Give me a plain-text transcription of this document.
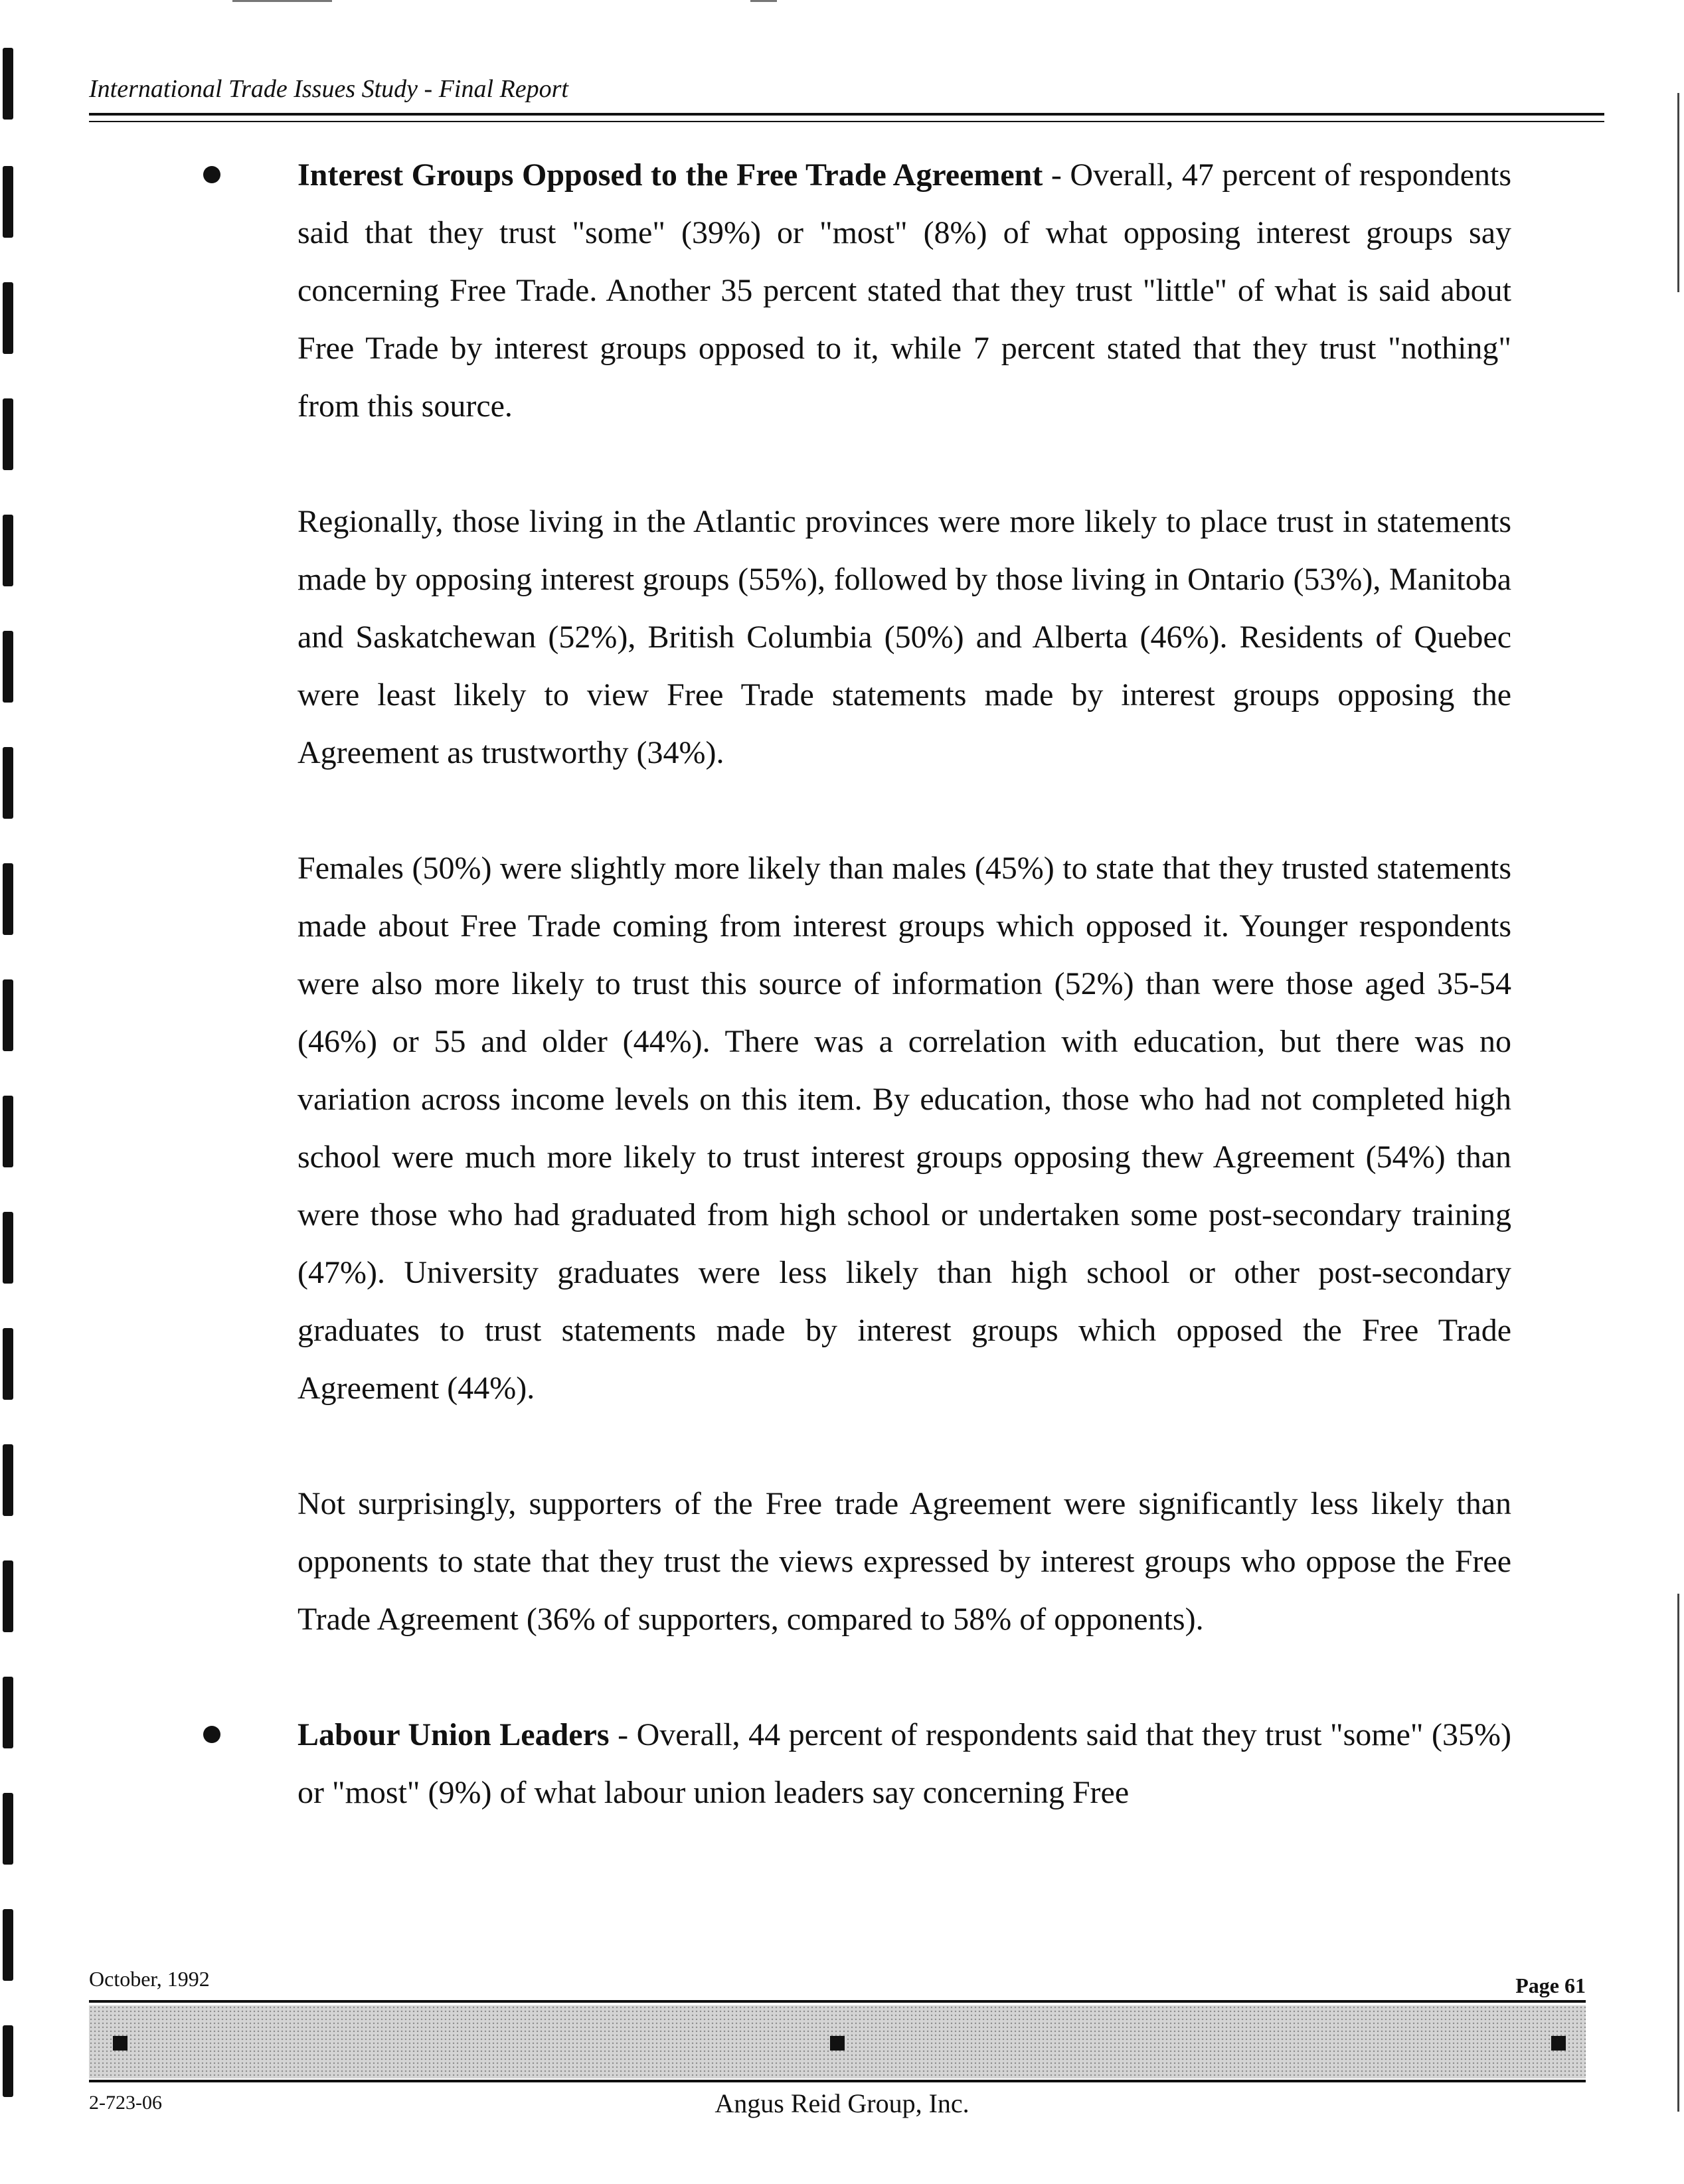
International Trade Issues Study - Final Report

Interest Groups Opposed to the Free Trade Agreement - Overall, 47 percent of respondents said that they trust "some" (39%) or "most" (8%) of what opposing interest groups say concerning Free Trade. Another 35 percent stated that they trust "little" of what is said about Free Trade by interest groups opposed to it, while 7 percent stated that they trust "nothing" from this source.

Regionally, those living in the Atlantic provinces were more likely to place trust in statements made by opposing interest groups (55%), followed by those living in Ontario (53%), Manitoba and Saskatchewan (52%), British Columbia (50%) and Alberta (46%). Residents of Quebec were least likely to view Free Trade statements made by interest groups opposing the Agreement as trustworthy (34%).

Females (50%) were slightly more likely than males (45%) to state that they trusted statements made about Free Trade coming from interest groups which opposed it. Younger respondents were also more likely to trust this source of information (52%) than were those aged 35-54 (46%) or 55 and older (44%). There was a correlation with education, but there was no variation across income levels on this item. By education, those who had not completed high school were much more likely to trust interest groups opposing thew Agreement (54%) than were those who had graduated from high school or undertaken some post-secondary training (47%). University graduates were less likely than high school or other post-secondary graduates to trust statements made by interest groups which opposed the Free Trade Agreement (44%).

Not surprisingly, supporters of the Free trade Agreement were significantly less likely than opponents to state that they trust the views expressed by interest groups who oppose the Free Trade Agreement (36% of supporters, compared to 58% of opponents).

Labour Union Leaders - Overall, 44 percent of respondents said that they trust "some" (35%) or "most" (9%) of what labour union leaders say concerning Free

October, 1992	Page 61
2-723-06	Angus Reid Group, Inc.
